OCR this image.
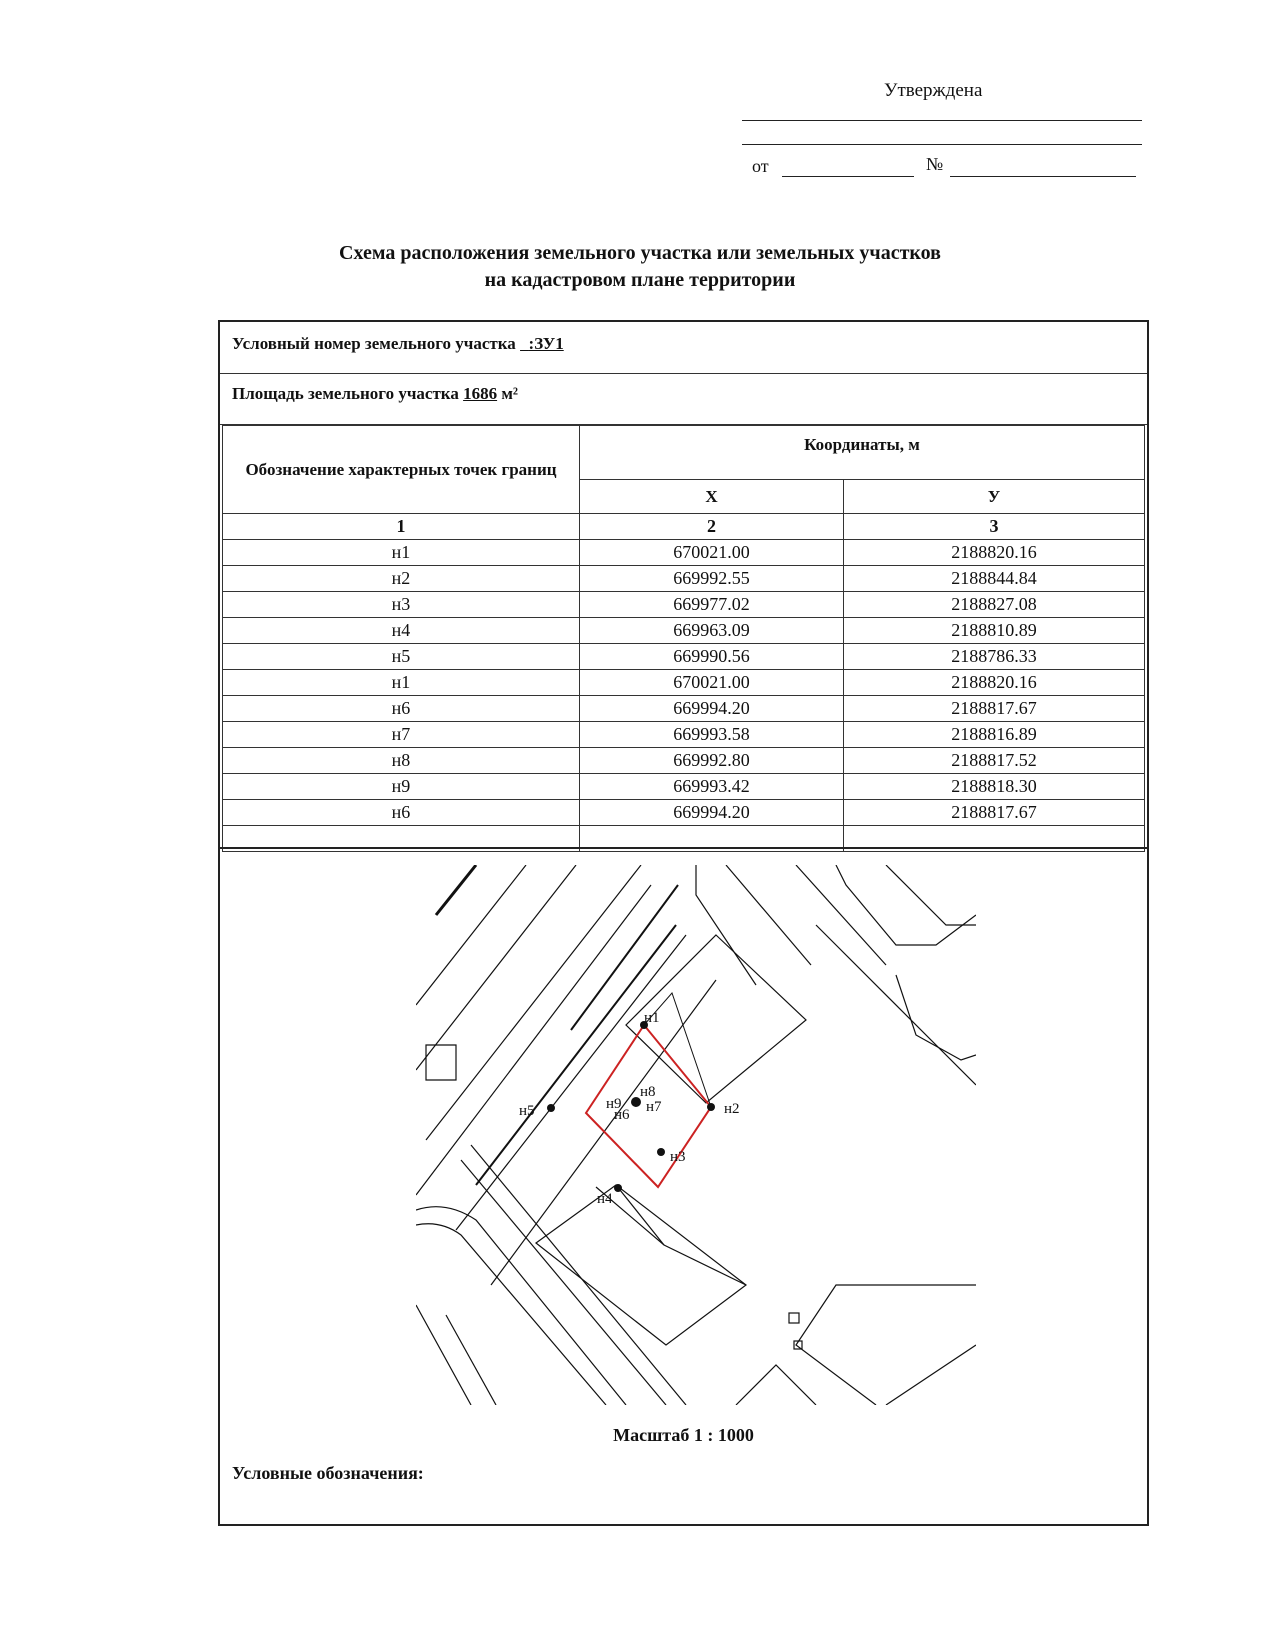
Утверждена
от	№
Схема расположения земельного участка или земельных участков
на кадастровом плане территории
Условный номер земельного участка :ЗУ1
Площадь земельного участка 1686 м²
Обозначение характерных точек границ	Координаты, м	
	X	У
1	2	3
н1	670021.00	2188820.16
н2	669992.55	2188844.84
н3	669977.02	2188827.08
н4	669963.09	2188810.89
н5	669990.56	2188786.33
н1	670021.00	2188820.16
н6	669994.20	2188817.67
н7	669993.58	2188816.89
н8	669992.80	2188817.52
н9	669993.42	2188818.30
н6	669994.20	2188817.67

н1
н2
н3
н4
н5	н6 н7
н8
н9
Масштаб 1 : 1000
Условные обозначения:
